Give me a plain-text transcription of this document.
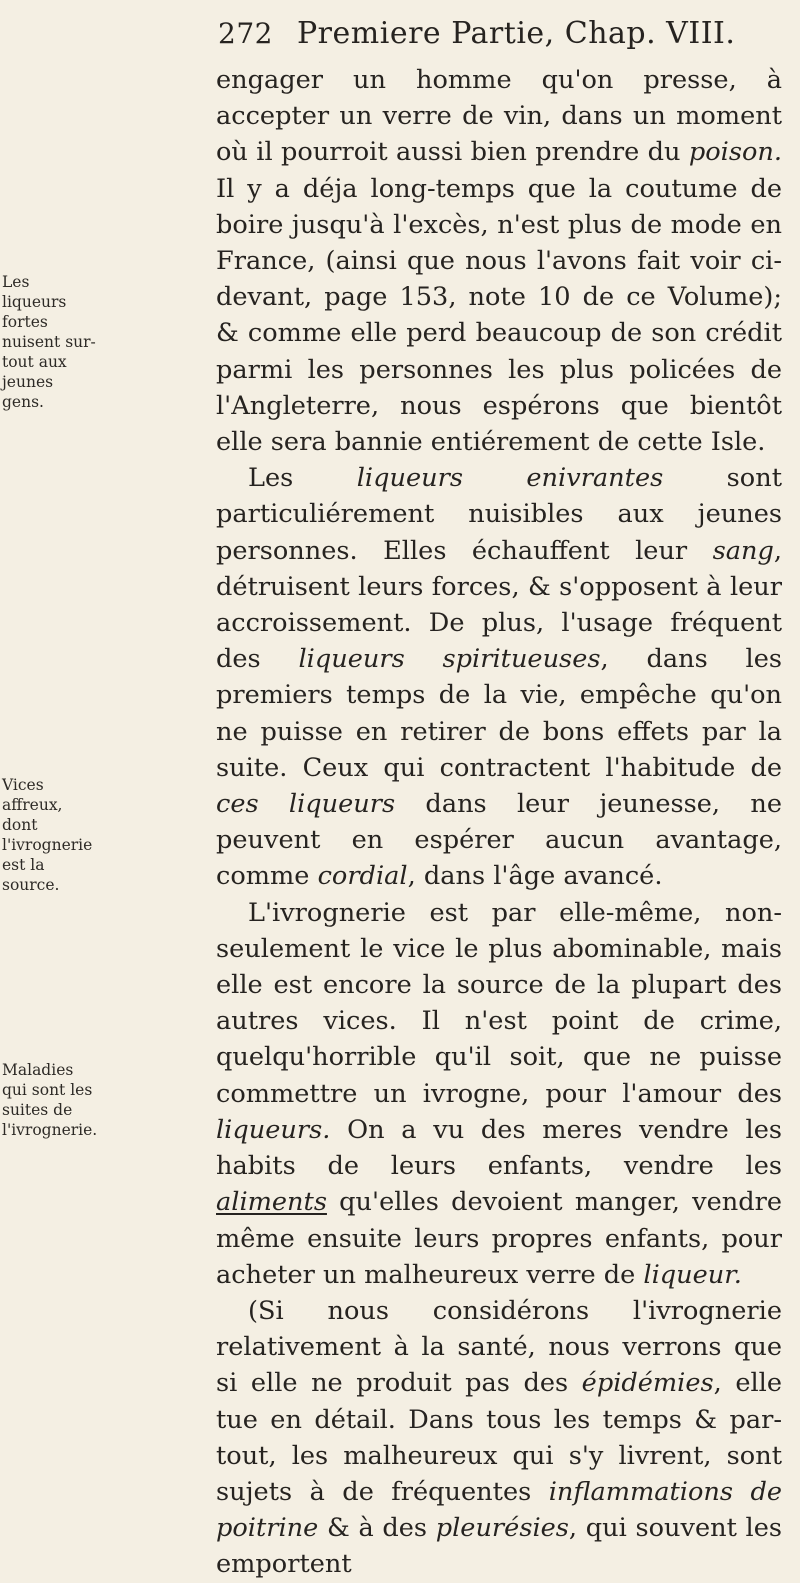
272 Premiere Partie, Chap. VIII.
Les liqueurs fortes nuisent sur-tout aux jeunes gens.
Vices affreux, dont l'ivrognerie est la source.
Maladies qui sont les suites de l'ivrognerie.

engager un homme qu'on presse, à accepter un verre de vin, dans un moment où il pourroit aussi bien prendre du poison. Il y a déja long-temps que la coutume de boire jusqu'à l'excès, n'est plus de mode en France, (ainsi que nous l'avons fait voir ci-devant, page 153, note 10 de ce Volume); & comme elle perd beaucoup de son crédit parmi les personnes les plus policées de l'Angleterre, nous espérons que bientôt elle sera bannie entiérement de cette Isle.

Les liqueurs enivrantes sont particuliérement nuisibles aux jeunes personnes. Elles échauffent leur sang, détruisent leurs forces, & s'opposent à leur accroissement. De plus, l'usage fréquent des liqueurs spiritueuses, dans les premiers temps de la vie, empêche qu'on ne puisse en retirer de bons effets par la suite. Ceux qui contractent l'habitude de ces liqueurs dans leur jeunesse, ne peuvent en espérer aucun avantage, comme cordial, dans l'âge avancé.

L'ivrognerie est par elle-même, non-seulement le vice le plus abominable, mais elle est encore la source de la plupart des autres vices. Il n'est point de crime, quelqu'horrible qu'il soit, que ne puisse commettre un ivrogne, pour l'amour des liqueurs. On a vu des meres vendre les habits de leurs enfants, vendre les aliments qu'elles devoient manger, vendre même ensuite leurs propres enfants, pour acheter un malheureux verre de liqueur.

(Si nous considérons l'ivrognerie relativement à la santé, nous verrons que si elle ne produit pas des épidémies, elle tue en détail. Dans tous les temps & par-tout, les malheureux qui s'y livrent, sont sujets à de fréquentes inflammations de poitrine & à des pleurésies, qui souvent les emportent
